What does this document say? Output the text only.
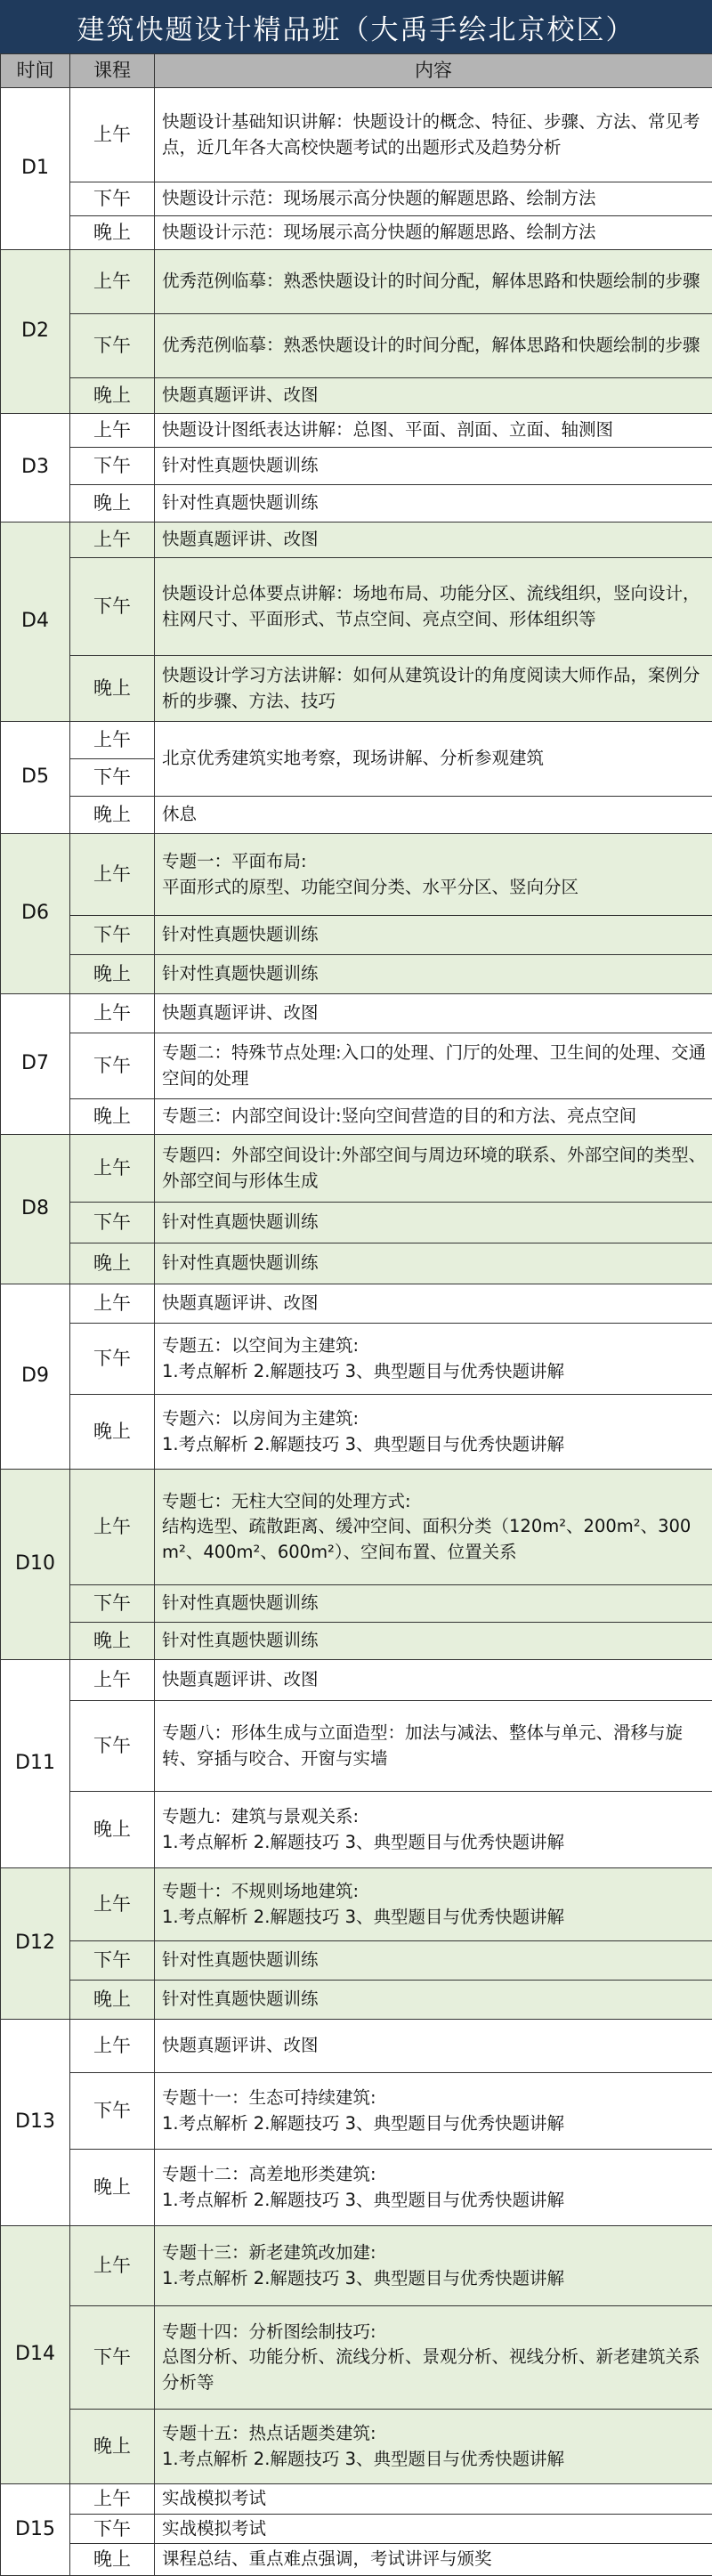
建筑快题设计精品班（大禹手绘北京校区）
时间	课程	内容
D1	上午	快题设计基础知识讲解：快题设计的概念、特征、步骤、方法、常见考点，近几年各大高校快题考试的出题形式及趋势分析

	下午	快题设计示范：现场展示高分快题的解题思路、绘制方法

	晚上	快题设计示范：现场展示高分快题的解题思路、绘制方法

D2	上午	优秀范例临摹：熟悉快题设计的时间分配，解体思路和快题绘制的步骤

	下午	优秀范例临摹：熟悉快题设计的时间分配，解体思路和快题绘制的步骤

	晚上	快题真题评讲、改图

D3	上午	快题设计图纸表达讲解：总图、平面、剖面、立面、轴测图

	下午	针对性真题快题训练

	晚上	针对性真题快题训练

D4	上午	快题真题评讲、改图

	下午	快题设计总体要点讲解：场地布局、功能分区、流线组织，竖向设计，柱网尺寸、平面形式、节点空间、亮点空间、形体组织等

	晚上	快题设计学习方法讲解：如何从建筑设计的角度阅读大师作品，案例分析的步骤、方法、技巧

D5	上午	北京优秀建筑实地考察，现场讲解、分析参观建筑
	下午	
	晚上	休息

D6	上午	专题一：平面布局:
平面形式的原型、功能空间分类、水平分区、竖向分区

	下午	针对性真题快题训练

	晚上	针对性真题快题训练

D7	上午	快题真题评讲、改图

	下午	专题二：特殊节点处理:入口的处理、门厅的处理、卫生间的处理、交通空间的处理

	晚上	专题三：内部空间设计:竖向空间营造的目的和方法、亮点空间

D8	上午	专题四：外部空间设计:外部空间与周边环境的联系、外部空间的类型、外部空间与形体生成

	下午	针对性真题快题训练

	晚上	针对性真题快题训练

D9	上午	快题真题评讲、改图

	下午	专题五：以空间为主建筑:
1.考点解析 2.解题技巧 3、典型题目与优秀快题讲解

	晚上	专题六：以房间为主建筑:
1.考点解析 2.解题技巧 3、典型题目与优秀快题讲解

D10	上午	专题七：无柱大空间的处理方式:
结构选型、疏散距离、缓冲空间、面积分类（120m²、200m²、300m²、400m²、600m²）、空间布置、位置关系

	下午	针对性真题快题训练

	晚上	针对性真题快题训练

D11	上午	快题真题评讲、改图

	下午	专题八：形体生成与立面造型：加法与减法、整体与单元、滑移与旋转、穿插与咬合、开窗与实墙

	晚上	专题九：建筑与景观关系:
1.考点解析 2.解题技巧 3、典型题目与优秀快题讲解

D12	上午	专题十：不规则场地建筑:
1.考点解析 2.解题技巧 3、典型题目与优秀快题讲解

	下午	针对性真题快题训练

	晚上	针对性真题快题训练

D13	上午	快题真题评讲、改图

	下午	专题十一：生态可持续建筑:
1.考点解析 2.解题技巧 3、典型题目与优秀快题讲解

	晚上	专题十二：高差地形类建筑:
1.考点解析 2.解题技巧 3、典型题目与优秀快题讲解

D14	上午	专题十三：新老建筑改加建:
1.考点解析 2.解题技巧 3、典型题目与优秀快题讲解

	下午	专题十四：分析图绘制技巧:
总图分析、功能分析、流线分析、景观分析、视线分析、新老建筑关系分析等

	晚上	专题十五：热点话题类建筑:
1.考点解析 2.解题技巧 3、典型题目与优秀快题讲解

D15	上午	实战模拟考试

	下午	实战模拟考试

	晚上	课程总结、重点难点强调，考试讲评与颁奖
